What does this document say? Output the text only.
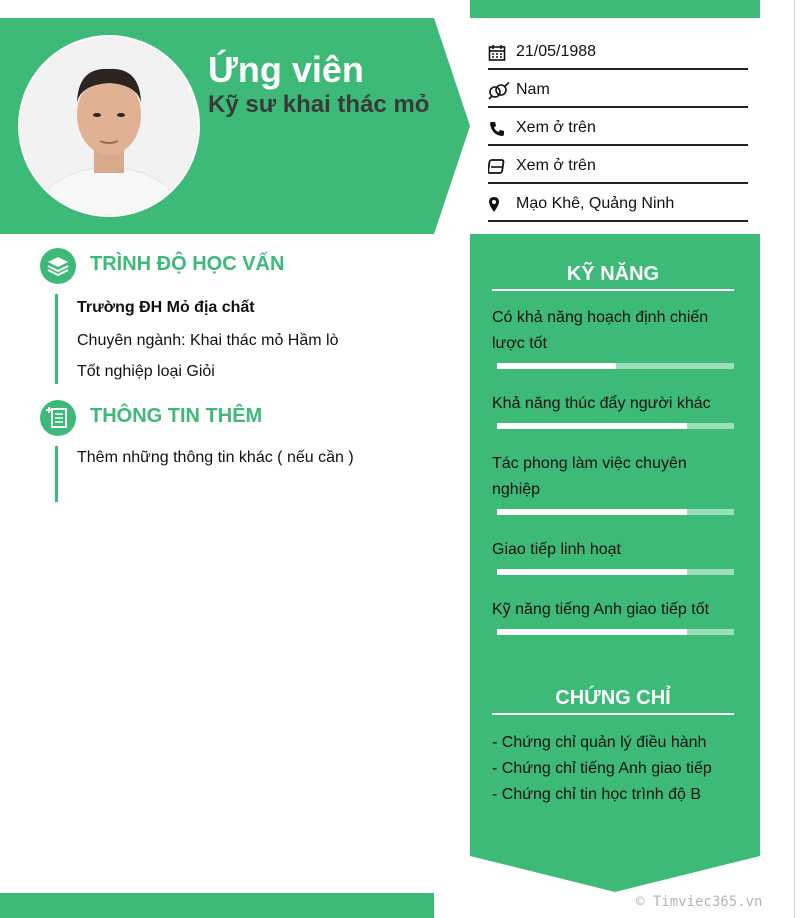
Ứng viên
Kỹ sư khai thác mỏ
21/05/1988
Nam
Xem ở trên
Xem ở trên
Mạo Khê, Quảng Ninh
KỸ NĂNG
Có khả năng hoạch định chiến lược tốt
Khả năng thúc đẩy người khác
Tác phong làm việc chuyên nghiệp
Giao tiếp linh hoạt
Kỹ năng tiếng Anh giao tiếp tốt
CHỨNG CHỈ
- Chứng chỉ quản lý điều hành
- Chứng chỉ tiếng Anh giao tiếp
- Chứng chỉ tin học trình độ B
TRÌNH ĐỘ HỌC VẤN
Trường ĐH Mỏ địa chất
Chuyên ngành: Khai thác mỏ Hầm lò
Tốt nghiệp loại Giỏi
THÔNG TIN THÊM
Thêm những thông tin khác ( nếu cần )
© Timviec365.vn
